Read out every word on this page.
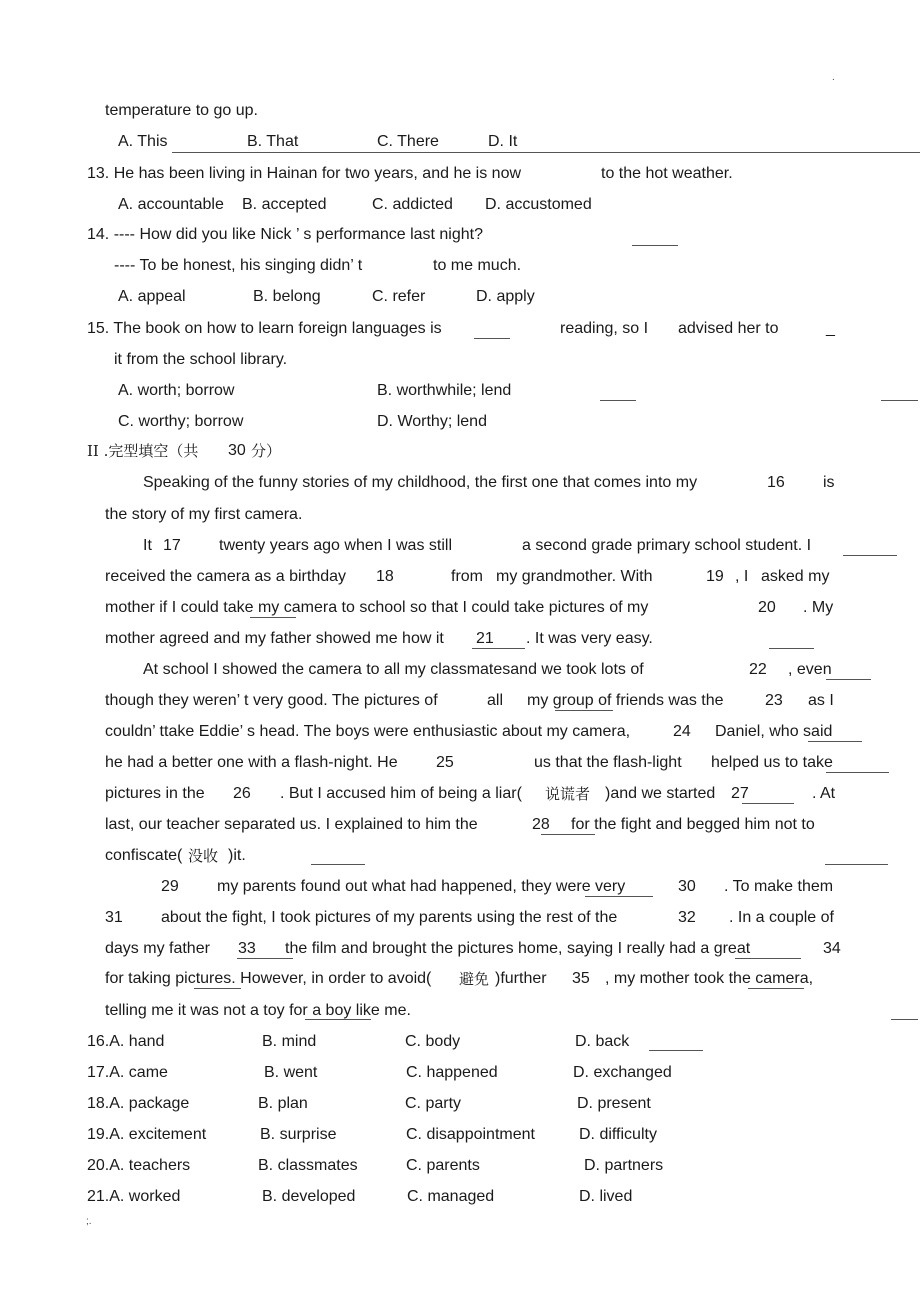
.
temperature to go up.
A. This	B. That	C. There	D. It
13. He has been living in Hainan for two years, and he is now	to the hot weather.
A. accountable B. accepted	C. addicted D. accustomed
14. ---- How did you like Nick ’ s performance last night?
---- To be honest, his singing didn’ t	to me much.
A. appeal	B. belong	C. refer	D. apply
15. The book on how to learn foreign languages is	reading, so I advised her to	_
it from the school library.
A. worth; borrow	B. worthwhile; lend
C. worthy; borrow	D. Worthy; lend
II .完型填空（共 30 分）
Speaking of the funny stories of my childhood, the first one that comes into my	16 is
the story of my first camera.
It 17 twenty years ago when I was still	a second grade primary school student. I
received the camera as a birthday 18	from my grandmother. With	19 , I asked my
mother if I could take my camera to school so that I could take pictures of my	20 . My
mother agreed and my father showed me how it 21 . It was very easy.
At school I showed the camera to all my classmatesand we took lots of	22 , even
though they weren’ t very good. The pictures of	all my group of friends was the	23 as I
couldn’ ttake Eddie’ s head. The boys were enthusiastic about my camera,	24 Daniel, who said
he had a better one with a flash-night. He 25	us that the flash-light helped us to take
pictures in the 26 . But I accused him of being a liar( 说谎者 )and we started 27	. At
last, our teacher separated us. I explained to him the	28 for the fight and begged him not to
confiscate( 没收 )it.
29 my parents found out what had happened, they were very	30 . To make them
31 about the fight, I took pictures of my parents using the rest of the	32 . In a couple of
days my father 33 the film and brought the pictures home, saying I really had a great	34
for taking pictures. However, in order to avoid( 避免 )further 35 , my mother took the camera,
telling me it was not a toy for a boy like me.
16.A. hand	B. mind	C. body	D. back
17.A. came	B. went	C. happened	D. exchanged
18.A. package	B. plan	C. party	D. present
19.A. excitement	B. surprise	C. disappointment	D. difficulty
20.A. teachers	B. classmates	C. parents	D. partners
21.A. worked	B. developed	C. managed	D. lived
;.
